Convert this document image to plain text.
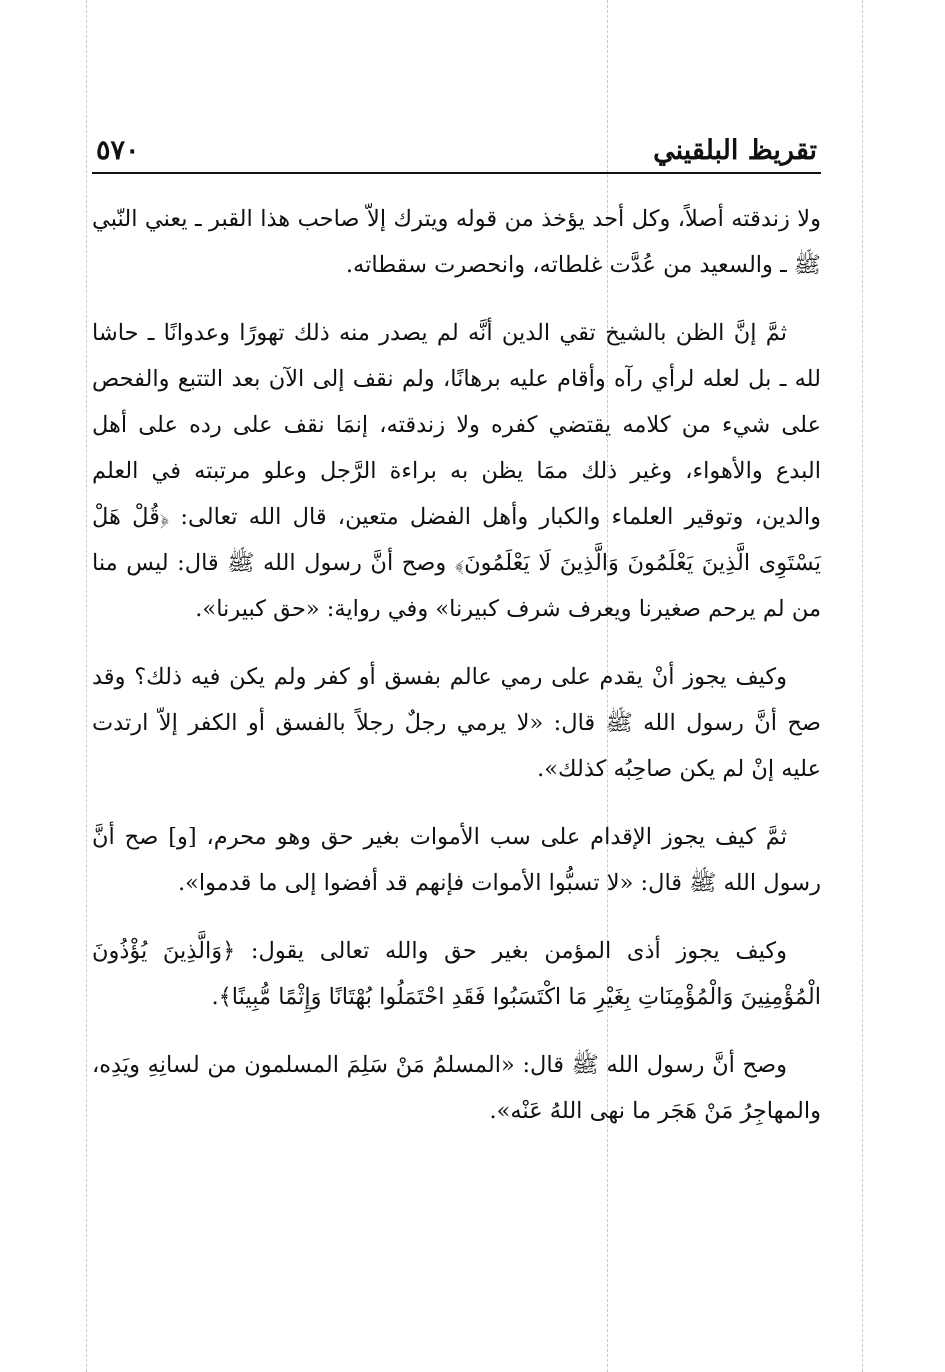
تقريظ البلقيني
٥٧٠

ولا زندقته أصلاً، وكل أحد يؤخذ من قوله ويترك إلاّ صاحب هذا القبر ـ يعني النّبي ﷺ ـ والسعيد من عُدَّت غلطاته، وانحصرت سقطاته.

ثمَّ إنَّ الظن بالشيخ تقي الدين أنَّه لم يصدر منه ذلك تهورًا وعدوانًا ـ حاشا لله ـ بل لعله لرأي رآه وأقام عليه برهانًا، ولم نقف إلى الآن بعد التتبع والفحص على شيء من كلامه يقتضي كفره ولا زندقته، إنمَا نقف على رده على أهل البدع والأهواء، وغير ذلك ممَا يظن به براءة الرَّجل وعلو مرتبته في العلم والدين، وتوقير العلماء والكبار وأهل الفضل متعين، قال الله تعالى: ﴿قُلْ هَلْ يَسْتَوِى الَّذِينَ يَعْلَمُونَ وَالَّذِينَ لَا يَعْلَمُونَ﴾ وصح أنَّ رسول الله ﷺ قال: ليس منا من لم يرحم صغيرنا ويعرف شرف كبيرنا» وفي رواية: «حق كبيرنا».

وكيف يجوز أنْ يقدم على رمي عالم بفسق أو كفر ولم يكن فيه ذلك؟ وقد صح أنَّ رسول الله ﷺ قال: «لا يرمي رجلٌ رجلاً بالفسق أو الكفر إلاّ ارتدت عليه إنْ لم يكن صاحِبُه كذلك».

ثمَّ كيف يجوز الإقدام على سب الأموات بغير حق وهو محرم، [و] صح أنَّ رسول الله ﷺ قال: «لا تسبُّوا الأموات فإنهم قد أفضوا إلى ما قدموا».

وكيف يجوز أذى المؤمن بغير حق والله تعالى يقول: ﴿وَالَّذِينَ يُؤْذُونَ الْمُؤْمِنِينَ وَالْمُؤْمِنَاتِ بِغَيْرِ مَا اكْتَسَبُوا فَقَدِ احْتَمَلُوا بُهْتَانًا وَإِثْمًا مُّبِينًا﴾.

وصح أنَّ رسول الله ﷺ قال: «المسلمُ مَنْ سَلِمَ المسلمون من لسانِهِ ويَدِه، والمهاجِرُ مَنْ هَجَر ما نهى اللهُ عَنْه».
